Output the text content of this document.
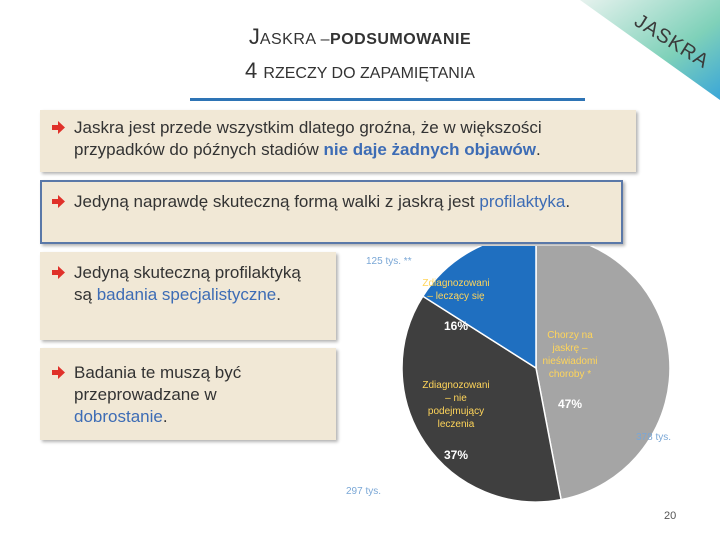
JASKRA
JASKRA –PODSUMOWANIE
4 RZECZY DO ZAPAMIĘTANIA
Jaskra jest przede wszystkim dlatego groźna, że w większości przypadków do późnych stadiów nie daje żadnych objawów.
Jedyną naprawdę skuteczną formą walki z jaskrą jest profilaktyka.
Jedyną skuteczną profilaktyką są badania specjalistyczne.
Badania te muszą być przeprowadzane w dobrostanie.
Chorzy na jaskrę – nieświadomi choroby *
47%
Zdiagnozowani – nie podejmujący leczenia
37%
Zdiagnozowani – leczący się
16%
378 tys.
297 tys.
125 tys. **
20
